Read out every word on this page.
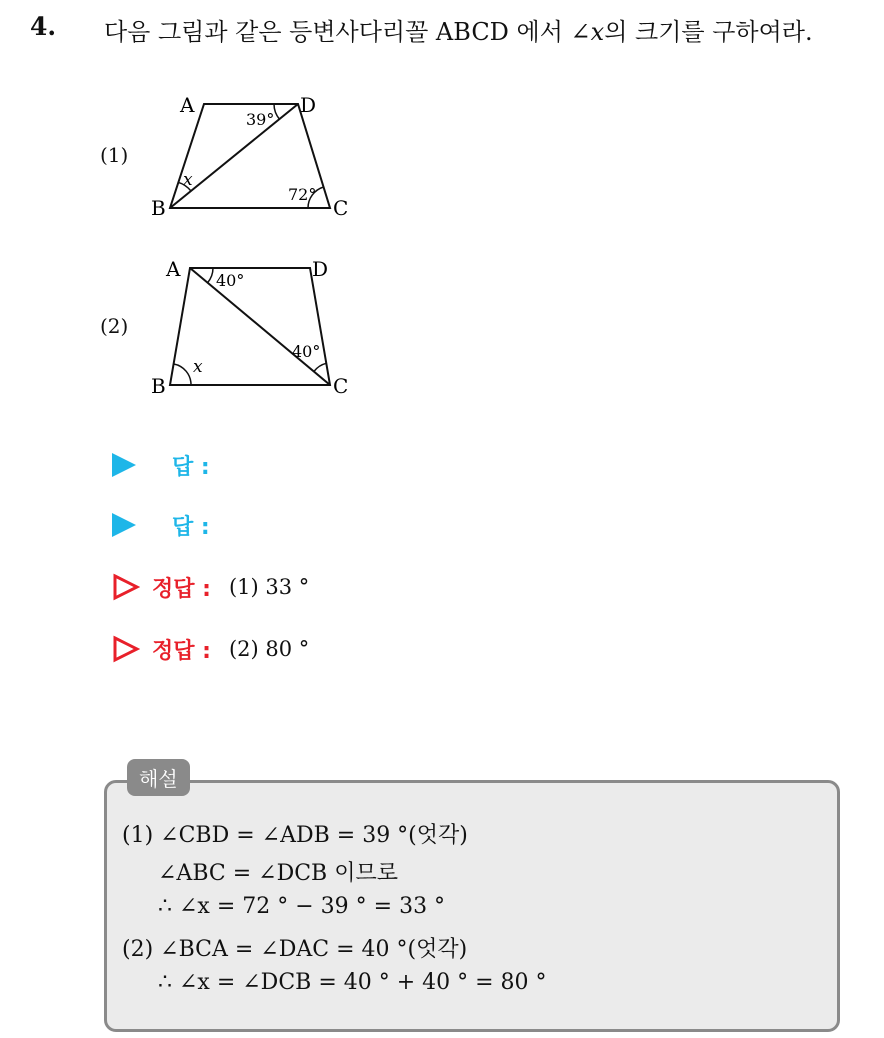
4. 다음 그림과 같은 등변사다리꼴 ABCD 에서 ∠x의 크기를 구하여라.
(1)
A	D
B	C
39°
72°
x
(2)
A	D
B	C
40°
40°
x
답 :
답 :
정답 : (1) 33 °
정답 : (2) 80 °
해설
(1) ∠CBD = ∠ADB = 39 °(엇각)
∠ABC = ∠DCB 이므로
∴ ∠x = 72 ° − 39 ° = 33 °
(2) ∠BCA = ∠DAC = 40 °(엇각)
∴ ∠x = ∠DCB = 40 ° + 40 ° = 80 °
